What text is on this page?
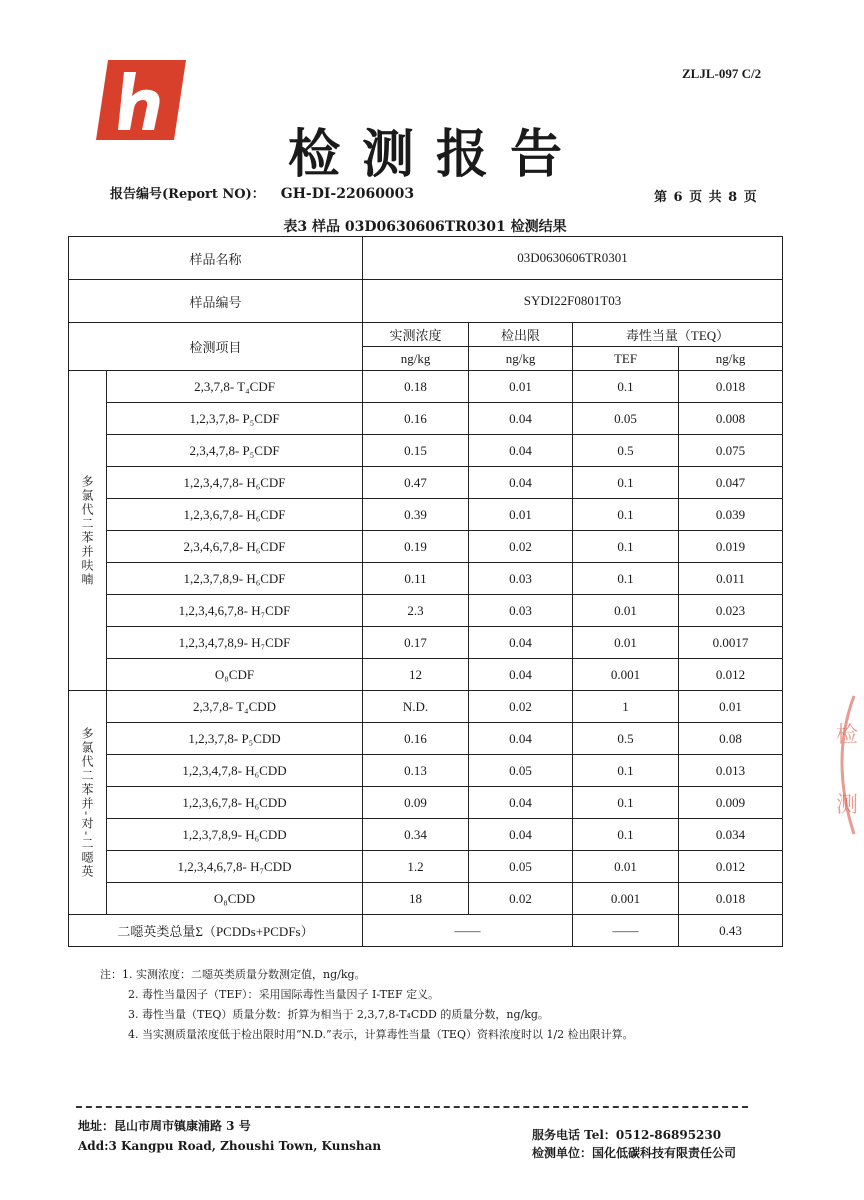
ZLJL-097 C/2
检测报告
报告编号(Report NO)： GH-DI-22060003	第 6 页 共 8 页
表3 样品 03D0630606TR0301 检测结果
样品名称		03D0630606TR0301			
样品编号		SYDI22F0801T03			
检测项目		实测浓度	检出限	毒性当量（TEQ）	
		ng/kg	ng/kg	TEF	ng/kg

多氯代二苯并呋喃	2,3,7,8- T₄CDF	0.18	0.01	0.1	0.018
	1,2,3,7,8- P₅CDF	0.16	0.04	0.05	0.008
	2,3,4,7,8- P₅CDF	0.15	0.04	0.5	0.075
	1,2,3,4,7,8- H₆CDF	0.47	0.04	0.1	0.047
	1,2,3,6,7,8- H₆CDF	0.39	0.01	0.1	0.039
	2,3,4,6,7,8- H₆CDF	0.19	0.02	0.1	0.019
	1,2,3,7,8,9- H₆CDF	0.11	0.03	0.1	0.011
	1,2,3,4,6,7,8- H₇CDF	2.3	0.03	0.01	0.023
	1,2,3,4,7,8,9- H₇CDF	0.17	0.04	0.01	0.0017
	O₈CDF	12	0.04	0.001	0.012

多氯代二苯并-对-二噁英	2,3,7,8- T₄CDD	N.D.	0.02	1	0.01
	1,2,3,7,8- P₅CDD	0.16	0.04	0.5	0.08
	1,2,3,4,7,8- H₆CDD	0.13	0.05	0.1	0.013
	1,2,3,6,7,8- H₆CDD	0.09	0.04	0.1	0.009
	1,2,3,7,8,9- H₆CDD	0.34	0.04	0.1	0.034
	1,2,3,4,6,7,8- H₇CDD	1.2	0.05	0.01	0.012
	O₈CDD	18	0.02	0.001	0.018
二噁英类总量Σ（PCDDs+PCDFs）		——		——	0.43
注：1. 实测浓度：二噁英类质量分数测定值，ng/kg。
2. 毒性当量因子（TEF）：采用国际毒性当量因子 I-TEF 定义。
3. 毒性当量（TEQ）质量分数：折算为相当于 2,3,7,8-T₄CDD 的质量分数，ng/kg。
4. 当实测质量浓度低于检出限时用“N.D.”表示，计算毒性当量（TEQ）资料浓度时以 1/2 检出限计算。
地址：昆山市周市镇康浦路 3 号
Add:3 Kangpu Road, Zhoushi Town, Kunshan
服务电话 Tel：0512-86895230
检测单位：国化低碳科技有限责任公司
检
测
